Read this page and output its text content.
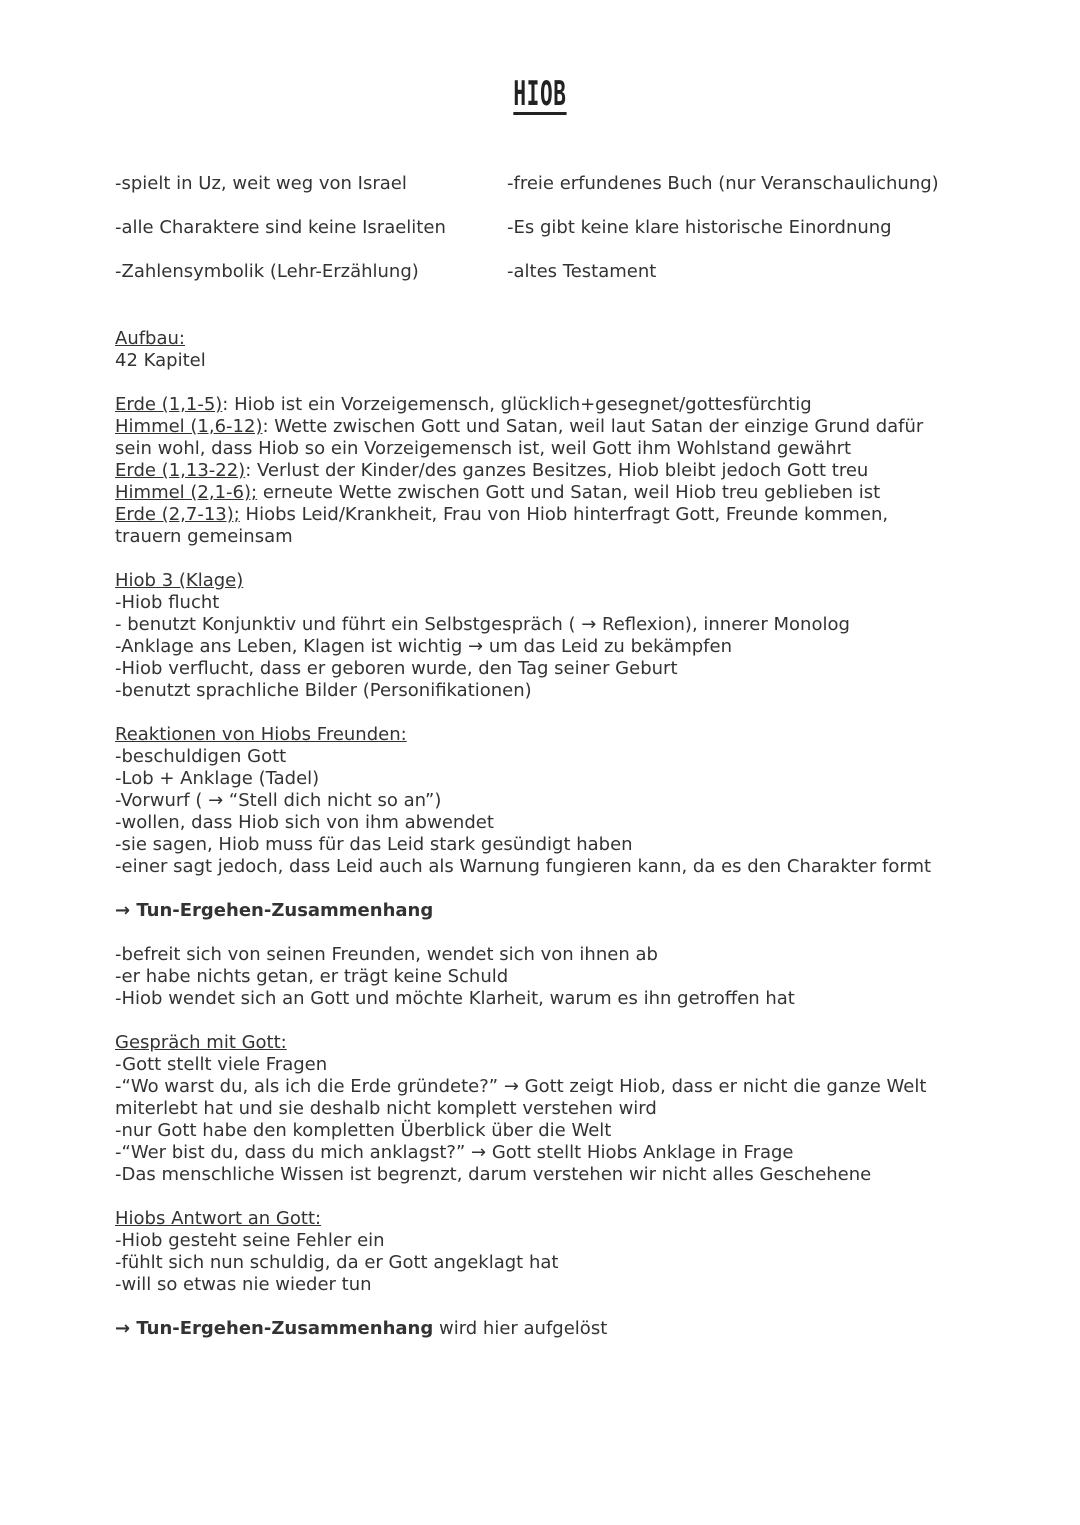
HIOB
-spielt in Uz, weit weg von Israel
-alle Charaktere sind keine Israeliten
-Zahlensymbolik (Lehr-Erzählung)
-freie erfundenes Buch (nur Veranschaulichung)
-Es gibt keine klare historische Einordnung
-altes Testament
Aufbau:
42 Kapitel
Erde (1,1-5): Hiob ist ein Vorzeigemensch, glücklich+gesegnet/gottesfürchtig
Himmel (1,6-12): Wette zwischen Gott und Satan, weil laut Satan der einzige Grund dafür sein wohl, dass Hiob so ein Vorzeigemensch ist, weil Gott ihm Wohlstand gewährt
Erde (1,13-22): Verlust der Kinder/des ganzes Besitzes, Hiob bleibt jedoch Gott treu
Himmel (2,1-6); erneute Wette zwischen Gott und Satan, weil Hiob treu geblieben ist
Erde (2,7-13); Hiobs Leid/Krankheit, Frau von Hiob hinterfragt Gott, Freunde kommen, trauern gemeinsam
Hiob 3 (Klage)
-Hiob flucht
- benutzt Konjunktiv und führt ein Selbstgespräch ( → Reflexion), innerer Monolog
-Anklage ans Leben, Klagen ist wichtig → um das Leid zu bekämpfen
-Hiob verflucht, dass er geboren wurde, den Tag seiner Geburt
-benutzt sprachliche Bilder (Personifikationen)
Reaktionen von Hiobs Freunden:
-beschuldigen Gott
-Lob + Anklage (Tadel)
-Vorwurf ( → “Stell dich nicht so an”)
-wollen, dass Hiob sich von ihm abwendet
-sie sagen, Hiob muss für das Leid stark gesündigt haben
-einer sagt jedoch, dass Leid auch als Warnung fungieren kann, da es den Charakter formt
→ Tun-Ergehen-Zusammenhang
-befreit sich von seinen Freunden, wendet sich von ihnen ab
-er habe nichts getan, er trägt keine Schuld
-Hiob wendet sich an Gott und möchte Klarheit, warum es ihn getroffen hat
Gespräch mit Gott:
-Gott stellt viele Fragen
-“Wo warst du, als ich die Erde gründete?” → Gott zeigt Hiob, dass er nicht die ganze Welt miterlebt hat und sie deshalb nicht komplett verstehen wird
-nur Gott habe den kompletten Überblick über die Welt
-“Wer bist du, dass du mich anklagst?” → Gott stellt Hiobs Anklage in Frage
-Das menschliche Wissen ist begrenzt, darum verstehen wir nicht alles Geschehene
Hiobs Antwort an Gott:
-Hiob gesteht seine Fehler ein
-fühlt sich nun schuldig, da er Gott angeklagt hat
-will so etwas nie wieder tun
→ Tun-Ergehen-Zusammenhang wird hier aufgelöst
